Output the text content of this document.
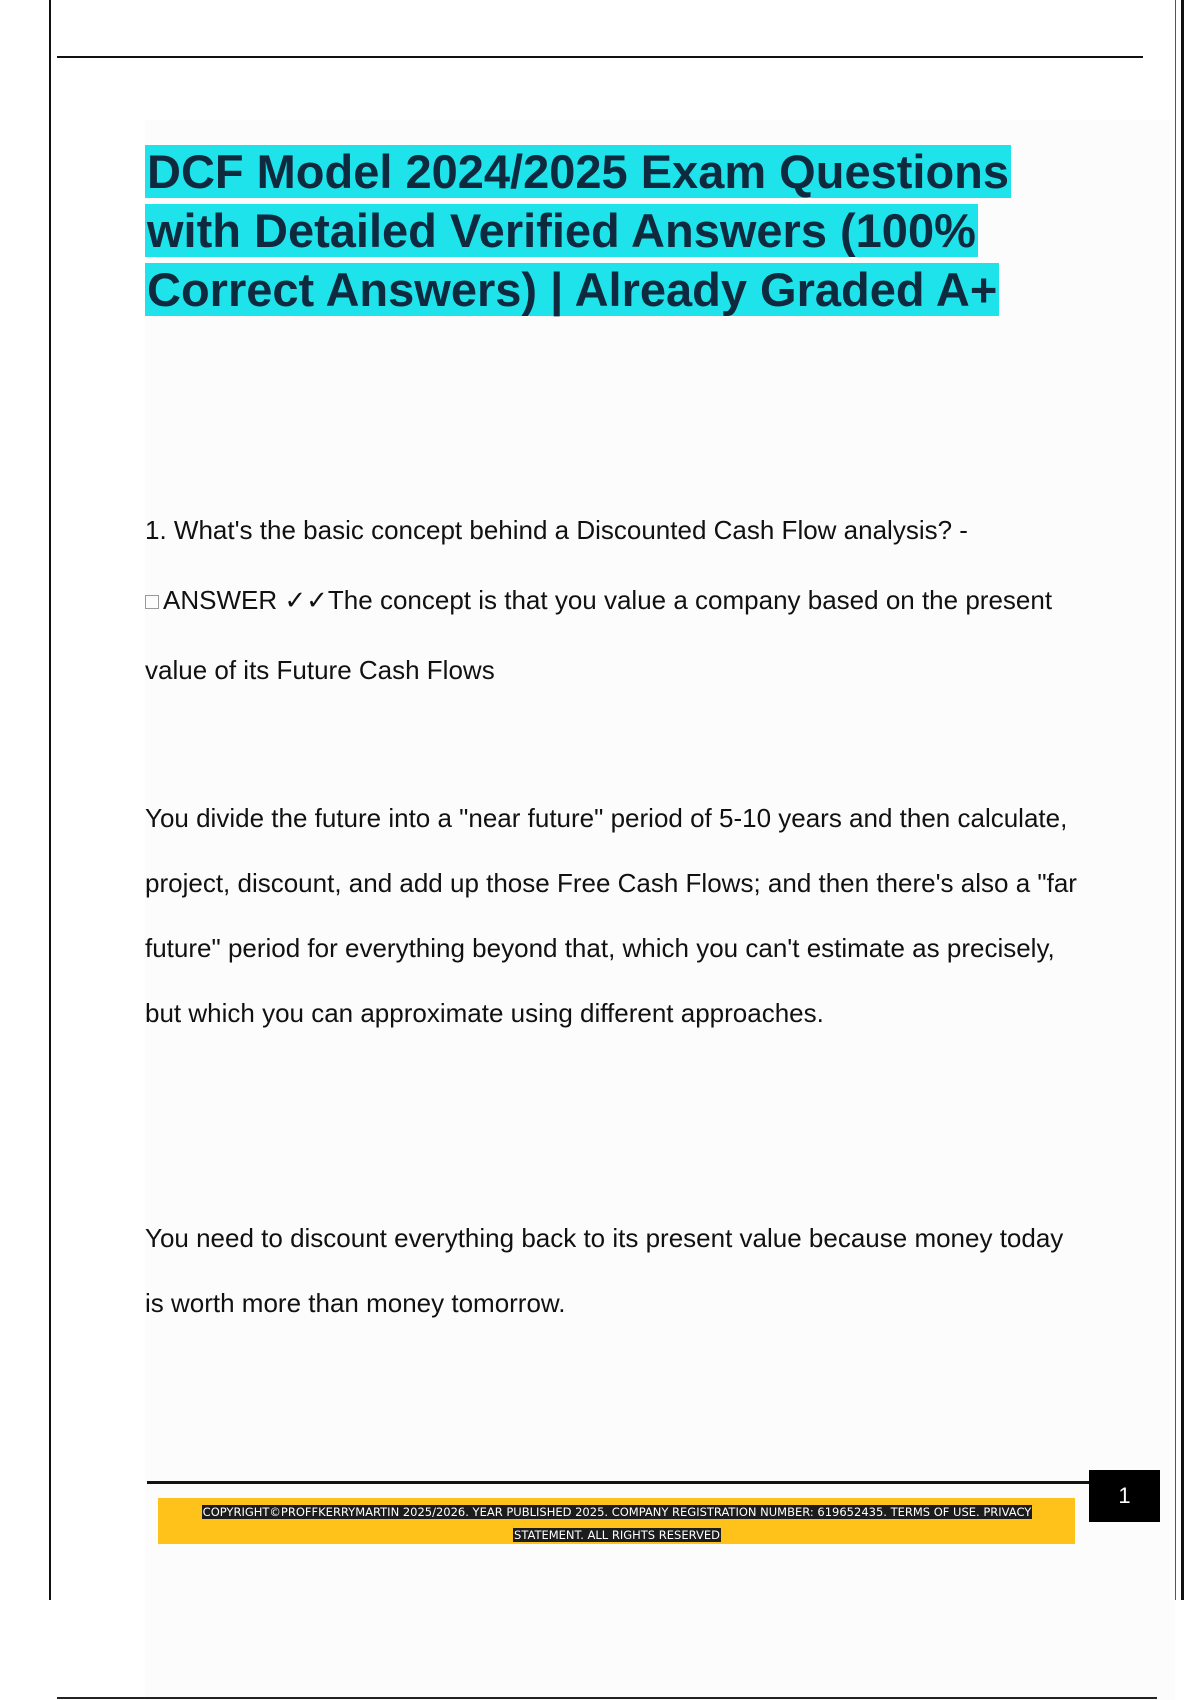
DCF Model 2024/2025 Exam Questions with Detailed Verified Answers (100% Correct Answers) | Already Graded A+

1. What's the basic concept behind a Discounted Cash Flow analysis? -
ANSWER ✓✓The concept is that you value a company based on the present value of its Future Cash Flows

You divide the future into a "near future" period of 5-10 years and then calculate, project, discount, and add up those Free Cash Flows; and then there's also a "far future" period for everything beyond that, which you can't estimate as precisely, but which you can approximate using different approaches.

You need to discount everything back to its present value because money today is worth more than money tomorrow.

COPYRIGHT©PROFFKERRYMARTIN 2025/2026. YEAR PUBLISHED 2025. COMPANY REGISTRATION NUMBER: 619652435. TERMS OF USE. PRIVACY STATEMENT. ALL RIGHTS RESERVED

1
